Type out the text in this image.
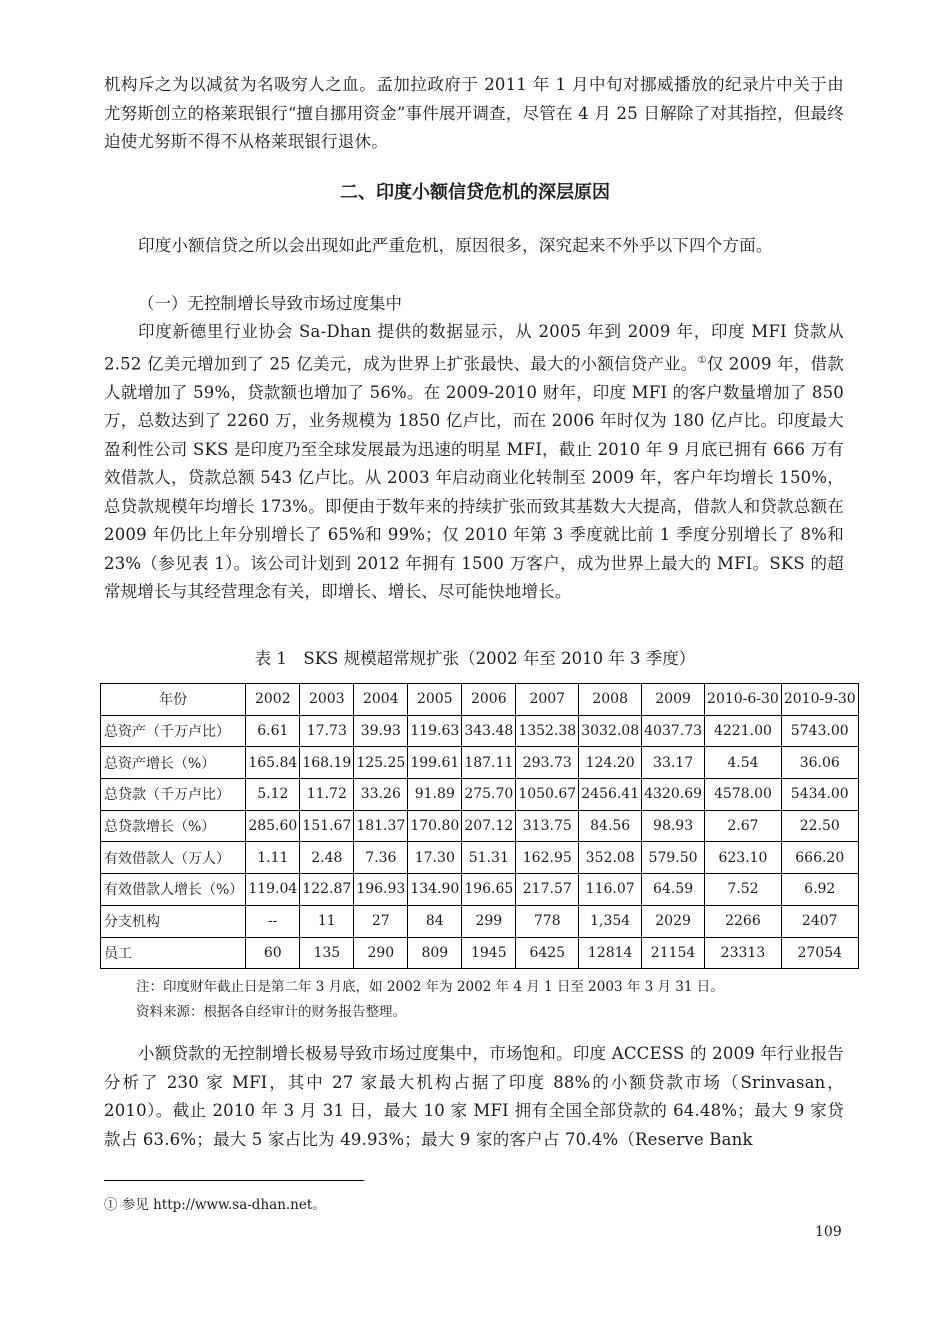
机构斥之为以减贫为名吸穷人之血。孟加拉政府于 2011 年 1 月中旬对挪威播放的纪录片中关于由尤努斯创立的格莱珉银行“擅自挪用资金”事件展开调查，尽管在 4 月 25 日解除了对其指控，但最终迫使尤努斯不得不从格莱珉银行退休。

二、印度小额信贷危机的深层原因

印度小额信贷之所以会出现如此严重危机，原因很多，深究起来不外乎以下四个方面。

（一）无控制增长导致市场过度集中

印度新德里行业协会 Sa-Dhan 提供的数据显示，从 2005 年到 2009 年，印度 MFI 贷款从 2.52 亿美元增加到了 25 亿美元，成为世界上扩张最快、最大的小额信贷产业。①仅 2009 年，借款人就增加了 59%，贷款额也增加了 56%。在 2009-2010 财年，印度 MFI 的客户数量增加了 850 万，总数达到了 2260 万，业务规模为 1850 亿卢比，而在 2006 年时仅为 180 亿卢比。印度最大盈利性公司 SKS 是印度乃至全球发展最为迅速的明星 MFI，截止 2010 年 9 月底已拥有 666 万有效借款人，贷款总额 543 亿卢比。从 2003 年启动商业化转制至 2009 年，客户年均增长 150%，总贷款规模年均增长 173%。即便由于数年来的持续扩张而致其基数大大提高，借款人和贷款总额在 2009 年仍比上年分别增长了 65%和 99%；仅 2010 年第 3 季度就比前 1 季度分别增长了 8%和 23%（参见表 1）。该公司计划到 2012 年拥有 1500 万客户，成为世界上最大的 MFI。SKS 的超常规增长与其经营理念有关，即增长、增长、尽可能快地增长。

表 1　SKS 规模超常规扩张（2002 年至 2010 年 3 季度）
年份	2002	2003	2004	2005	2006	2007	2008	2009	2010-6-30	2010-9-30
总资产（千万卢比）	6.61	17.73	39.93	119.63	343.48	1352.38	3032.08	4037.73	4221.00	5743.00
总资产增长（%）	165.84	168.19	125.25	199.61	187.11	293.73	124.20	33.17	4.54	36.06
总贷款（千万卢比）	5.12	11.72	33.26	91.89	275.70	1050.67	2456.41	4320.69	4578.00	5434.00
总贷款增长（%）	285.60	151.67	181.37	170.80	207.12	313.75	84.56	98.93	2.67	22.50
有效借款人（万人）	1.11	2.48	7.36	17.30	51.31	162.95	352.08	579.50	623.10	666.20
有效借款人增长（%）	119.04	122.87	196.93	134.90	196.65	217.57	116.07	64.59	7.52	6.92
分支机构	--	11	27	84	299	778	1,354	2029	2266	2407
员工	60	135	290	809	1945	6425	12814	21154	23313	27054
注：印度财年截止日是第二年 3 月底，如 2002 年为 2002 年 4 月 1 日至 2003 年 3 月 31 日。
资料来源：根据各自经审计的财务报告整理。

小额贷款的无控制增长极易导致市场过度集中，市场饱和。印度 ACCESS 的 2009 年行业报告分析了 230 家 MFI，其中 27 家最大机构占据了印度 88%的小额贷款市场（Srinvasan，2010）。截止 2010 年 3 月 31 日，最大 10 家 MFI 拥有全国全部贷款的 64.48%；最大 9 家贷款占 63.6%；最大 5 家占比为 49.93%；最大 9 家的客户占 70.4%（Reserve Bank

① 参见 http://www.sa-dhan.net。
109
